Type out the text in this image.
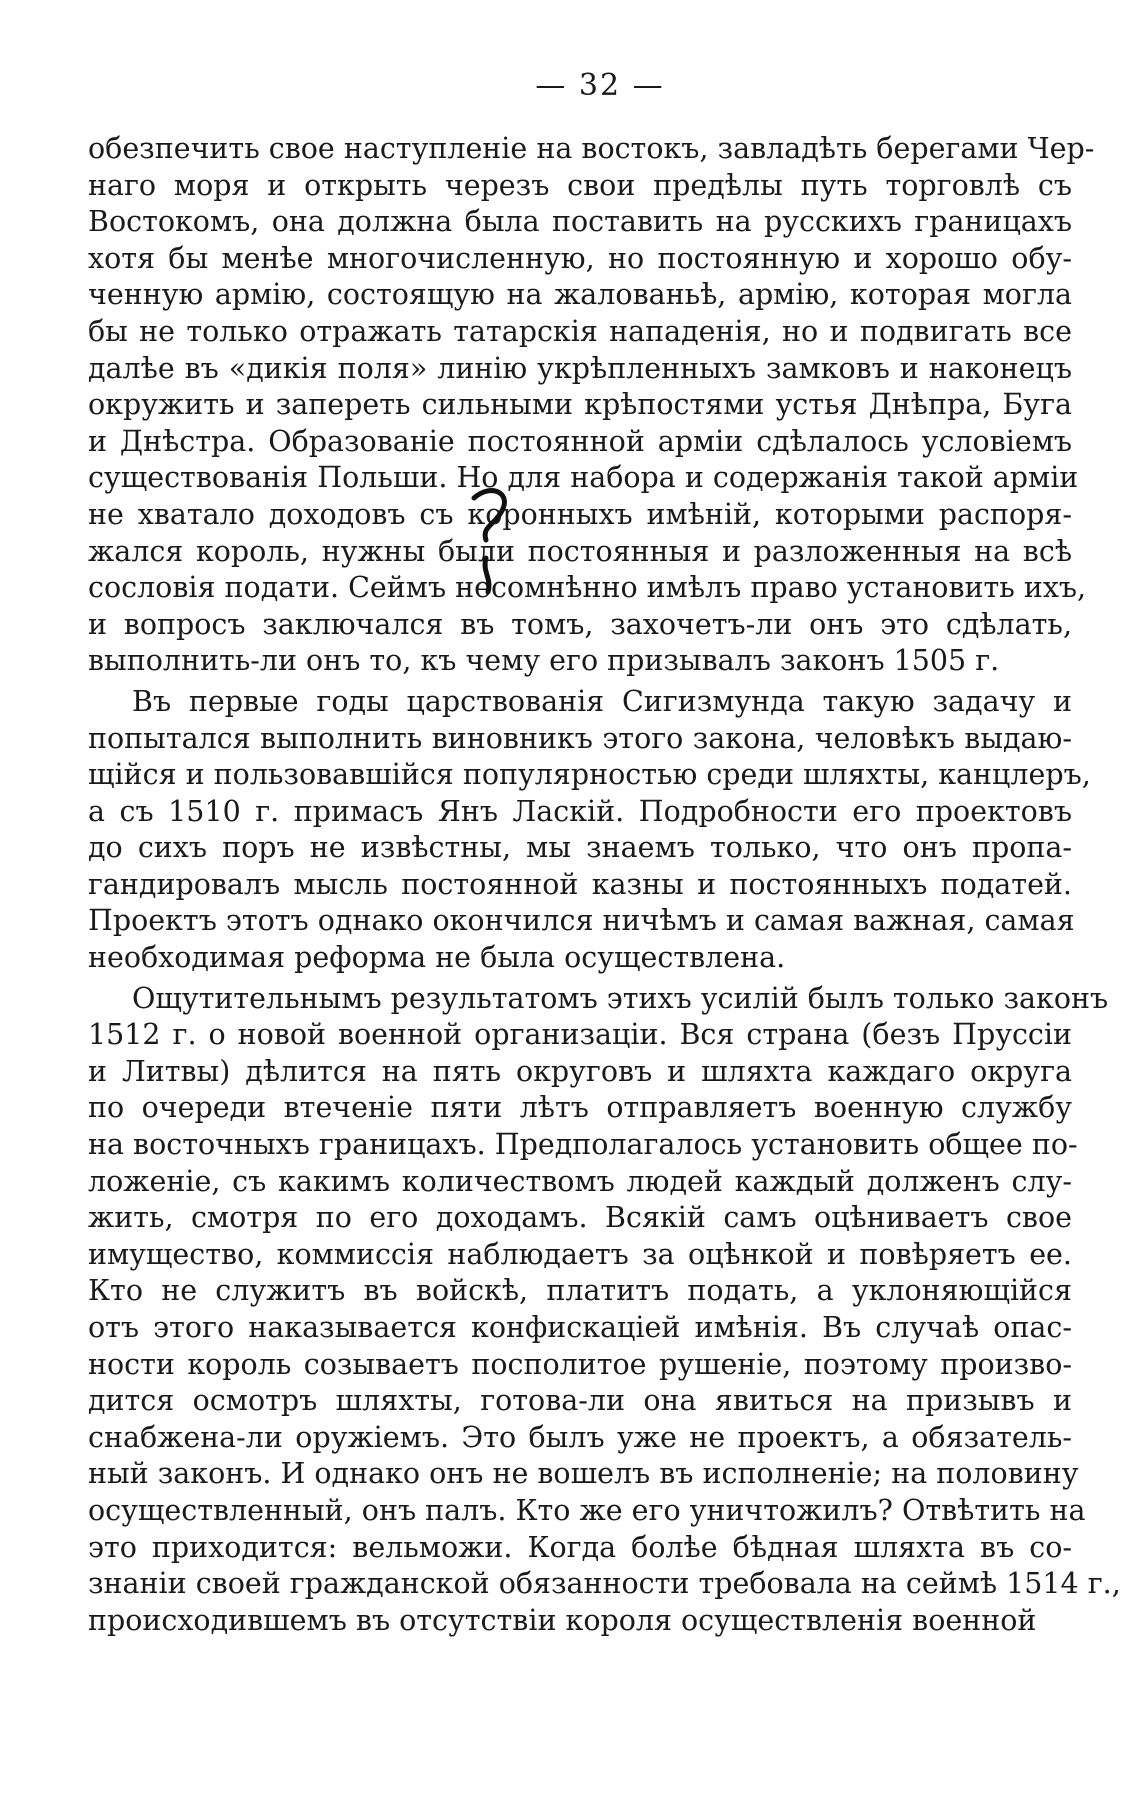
— 32 —
обезпечить свое наступленіе на востокъ, завладѣть берегами Чер-
наго моря и открыть черезъ свои предѣлы путь торговлѣ съ
Востокомъ, она должна была поставить на русскихъ границахъ
хотя бы менѣе многочисленную, но постоянную и хорошо обу-
ченную армію, состоящую на жалованьѣ, армію, которая могла
бы не только отражать татарскія нападенія, но и подвигать все
далѣе въ «дикія поля» линію укрѣпленныхъ замковъ и наконецъ
окружить и запереть сильными крѣпостями устья Днѣпра, Буга
и Днѣстра. Образованіе постоянной арміи сдѣлалось условіемъ
существованія Польши. Но для набора и содержанія такой арміи
не хватало доходовъ съ коронныхъ имѣній, которыми распоря-
жался король, нужны были постоянныя и разложенныя на всѣ
сословія подати. Сеймъ несомнѣнно имѣлъ право установить ихъ,
и вопросъ заключался въ томъ, захочетъ-ли онъ это сдѣлать,
выполнить-ли онъ то, къ чему его призывалъ законъ 1505 г.
Въ первые годы царствованія Сигизмунда такую задачу и
попытался выполнить виновникъ этого закона, человѣкъ выдаю-
щійся и пользовавшійся популярностью среди шляхты, канцлеръ,
а съ 1510 г. примасъ Янъ Ласкій. Подробности его проектовъ
до сихъ поръ не извѣстны, мы знаемъ только, что онъ пропа-
гандировалъ мысль постоянной казны и постоянныхъ податей.
Проектъ этотъ однако окончился ничѣмъ и самая важная, самая
необходимая реформа не была осуществлена.
Ощутительнымъ результатомъ этихъ усилій былъ только законъ
1512 г. о новой военной организаціи. Вся страна (безъ Пруссіи
и Литвы) дѣлится на пять округовъ и шляхта каждаго округа
по очереди втеченіе пяти лѣтъ отправляетъ военную службу
на восточныхъ границахъ. Предполагалось установить общее по-
ложеніе, съ какимъ количествомъ людей каждый долженъ слу-
жить, смотря по его доходамъ. Всякій самъ оцѣниваетъ свое
имущество, коммиссія наблюдаетъ за оцѣнкой и повѣряетъ ее.
Кто не служитъ въ войскѣ, платитъ подать, а уклоняющійся
отъ этого наказывается конфискаціей имѣнія. Въ случаѣ опас-
ности король созываетъ посполитое рушеніе, поэтому произво-
дится осмотръ шляхты, готова-ли она явиться на призывъ и
снабжена-ли оружіемъ. Это былъ уже не проектъ, а обязатель-
ный законъ. И однако онъ не вошелъ въ исполненіе; на половину
осуществленный, онъ палъ. Кто же его уничтожилъ? Отвѣтить на
это приходится: вельможи. Когда болѣе бѣдная шляхта въ со-
знаніи своей гражданской обязанности требовала на сеймѣ 1514 г.,
происходившемъ въ отсутствіи короля осуществленія военной
